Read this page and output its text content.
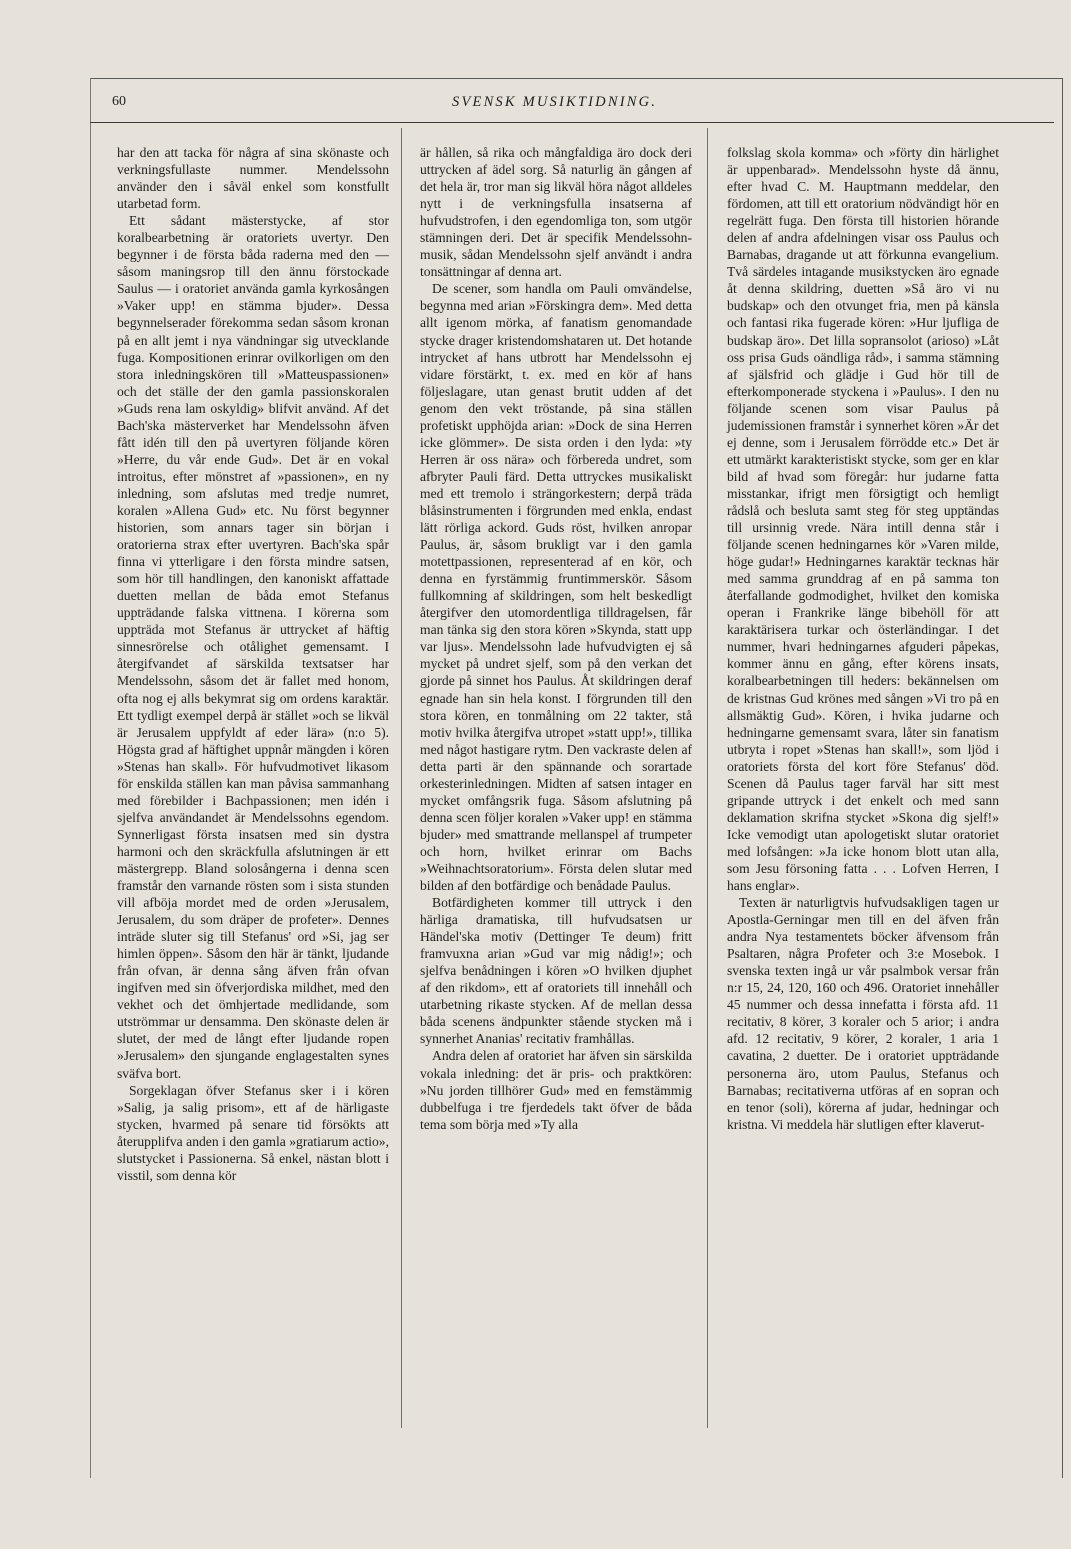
60	SVENSK MUSIKTIDNING.

har den att tacka för några af sina skönaste och verkningsfullaste nummer. Mendelssohn använder den i såväl enkel som konstfullt utarbetad form.

Ett sådant mästerstycke, af stor koralbearbetning är oratoriets uvertyr. Den begynner i de första båda raderna med den — såsom maningsrop till den ännu förstockade Saulus — i oratoriet använda gamla kyrkosången »Vaker upp! en stämma bjuder». Dessa begynnelserader förekomma sedan såsom kronan på en allt jemt i nya vändningar sig utvecklande fuga. Kompositionen erinrar ovilkorligen om den stora inledningskören till »Matteuspassionen» och det ställe der den gamla passionskoralen »Guds rena lam oskyldig» blifvit använd. Af det Bach'ska mästerverket har Mendelssohn äfven fått idén till den på uvertyren följande kören »Herre, du vår ende Gud». Det är en vokal introitus, efter mönstret af »passionen», en ny inledning, som afslutas med tredje numret, koralen »Allena Gud» etc. Nu först begynner historien, som annars tager sin början i oratorierna strax efter uvertyren. Bach'ska spår finna vi ytterligare i den första mindre satsen, som hör till handlingen, den kanoniskt affattade duetten mellan de båda emot Stefanus uppträdande falska vittnena. I körerna som uppträda mot Stefanus är uttrycket af häftig sinnesrörelse och otålighet gemensamt. I återgifvandet af särskilda textsatser har Mendelssohn, såsom det är fallet med honom, ofta nog ej alls bekymrat sig om ordens karaktär. Ett tydligt exempel derpå är stället »och se likväl är Jerusalem uppfyldt af eder lära» (n:o 5). Högsta grad af häftighet uppnår mängden i kören »Stenas han skall». För hufvudmotivet likasom för enskilda ställen kan man påvisa sammanhang med förebilder i Bachpassionen; men idén i sjelfva användandet är Mendelssohns egendom. Synnerligast första insatsen med sin dystra harmoni och den skräckfulla afslutningen är ett mästergrepp. Bland solosångerna i denna scen framstår den varnande rösten som i sista stunden vill afböja mordet med de orden »Jerusalem, Jerusalem, du som dräper de profeter». Dennes inträde sluter sig till Stefanus' ord »Si, jag ser himlen öppen». Såsom den här är tänkt, ljudande från ofvan, är denna sång äfven från ofvan ingifven med sin öfverjordiska mildhet, med den vekhet och det ömhjertade medlidande, som utströmmar ur densamma. Den skönaste delen är slutet, der med de långt efter ljudande ropen »Jerusalem» den sjungande englagestalten synes sväfva bort.

Sorgeklagan öfver Stefanus sker i i kören »Salig, ja salig prisom», ett af de härligaste stycken, hvarmed på senare tid försökts att återupplifva anden i den gamla »gratiarum actio», slutstycket i Passionerna. Så enkel, nästan blott i visstil, som denna kör

är hållen, så rika och mångfaldiga äro dock deri uttrycken af ädel sorg. Så naturlig än gången af det hela är, tror man sig likväl höra något alldeles nytt i de verkningsfulla insatserna af hufvudstrofen, i den egendomliga ton, som utgör stämningen deri. Det är specifik Mendelssohn-musik, sådan Mendelssohn sjelf användt i andra tonsättningar af denna art.

De scener, som handla om Pauli omvändelse, begynna med arian »Förskingra dem». Med detta allt igenom mörka, af fanatism genomandade stycke drager kristendomshataren ut. Det hotande intrycket af hans utbrott har Mendelssohn ej vidare förstärkt, t. ex. med en kör af hans följeslagare, utan genast brutit udden af det genom den vekt tröstande, på sina ställen profetiskt upphöjda arian: »Dock de sina Herren icke glömmer». De sista orden i den lyda: »ty Herren är oss nära» och förbereda undret, som afbryter Pauli färd. Detta uttryckes musikaliskt med ett tremolo i strängorkestern; derpå träda blåsinstrumenten i förgrunden med enkla, endast lätt rörliga ackord. Guds röst, hvilken anropar Paulus, är, såsom brukligt var i den gamla motettpassionen, representerad af en kör, och denna en fyrstämmig fruntimmerskör. Såsom fullkomning af skildringen, som helt beskedligt återgifver den utomordentliga tilldragelsen, får man tänka sig den stora kören »Skynda, statt upp var ljus». Mendelssohn lade hufvudvigten ej så mycket på undret sjelf, som på den verkan det gjorde på sinnet hos Paulus. Åt skildringen deraf egnade han sin hela konst. I förgrunden till den stora kören, en tonmålning om 22 takter, stå motiv hvilka återgifva utropet »statt upp!», tillika med något hastigare rytm. Den vackraste delen af detta parti är den spännande och sorartade orkesterinledningen. Midten af satsen intager en mycket omfångsrik fuga. Såsom afslutning på denna scen följer koralen »Vaker upp! en stämma bjuder» med smattrande mellanspel af trumpeter och horn, hvilket erinrar om Bachs »Weihnachtsoratorium». Första delen slutar med bilden af den botfärdige och benådade Paulus.

Botfärdigheten kommer till uttryck i den härliga dramatiska, till hufvudsatsen ur Händel'ska motiv (Dettinger Te deum) fritt framvuxna arian »Gud var mig nådig!»; och sjelfva benådningen i kören »O hvilken djuphet af den rikdom», ett af oratoriets till innehåll och utarbetning rikaste stycken. Af de mellan dessa båda scenens ändpunkter stående stycken må i synnerhet Ananias' recitativ framhållas.

Andra delen af oratoriet har äfven sin särskilda vokala inledning: det är pris- och praktkören: »Nu jorden tillhörer Gud» med en femstämmig dubbelfuga i tre fjerdedels takt öfver de båda tema som börja med »Ty alla

folkslag skola komma» och »förty din härlighet är uppenbarad». Mendelssohn hyste då ännu, efter hvad C. M. Hauptmann meddelar, den fördomen, att till ett oratorium nödvändigt hör en regelrätt fuga. Den första till historien hörande delen af andra afdelningen visar oss Paulus och Barnabas, dragande ut att förkunna evangelium. Två särdeles intagande musikstycken äro egnade åt denna skildring, duetten »Så äro vi nu budskap» och den otvunget fria, men på känsla och fantasi rika fugerade kören: »Hur ljufliga de budskap äro». Det lilla sopransolot (arioso) »Låt oss prisa Guds oändliga råd», i samma stämning af själsfrid och glädje i Gud hör till de efterkomponerade styckena i »Paulus». I den nu följande scenen som visar Paulus på judemissionen framstår i synnerhet kören »Är det ej denne, som i Jerusalem förrödde etc.» Det är ett utmärkt karakteristiskt stycke, som ger en klar bild af hvad som föregår: hur judarne fatta misstankar, ifrigt men försigtigt och hemligt rådslå och besluta samt steg för steg upptändas till ursinnig vrede. Nära intill denna står i följande scenen hedningarnes kör »Varen milde, höge gudar!» Hedningarnes karaktär tecknas här med samma grunddrag af en på samma ton återfallande godmodighet, hvilket den komiska operan i Frankrike länge bibehöll för att karaktärisera turkar och österländingar. I det nummer, hvari hedningarnes afguderi påpekas, kommer ännu en gång, efter körens insats, koralbearbetningen till heders: bekännelsen om de kristnas Gud krönes med sången »Vi tro på en allsmäktig Gud». Kören, i hvika judarne och hedningarne gemensamt svara, låter sin fanatism utbryta i ropet »Stenas han skall!», som ljöd i oratoriets första del kort före Stefanus' död. Scenen då Paulus tager farväl har sitt mest gripande uttryck i det enkelt och med sann deklamation skrifna stycket »Skona dig sjelf!» Icke vemodigt utan apologetiskt slutar oratoriet med lofsången: »Ja icke honom blott utan alla, som Jesu försoning fatta . . . Lofven Herren, I hans englar».

Texten är naturligtvis hufvudsakligen tagen ur Apostla-Gerningar men till en del äfven från andra Nya testamentets böcker äfvensom från Psaltaren, några Profeter och 3:e Mosebok. I svenska texten ingå ur vår psalmbok versar från n:r 15, 24, 120, 160 och 496. Oratoriet innehåller 45 nummer och dessa innefatta i första afd. 11 recitativ, 8 körer, 3 koraler och 5 arior; i andra afd. 12 recitativ, 9 körer, 2 koraler, 1 aria 1 cavatina, 2 duetter. De i oratoriet uppträdande personerna äro, utom Paulus, Stefanus och Barnabas; recitativerna utföras af en sopran och en tenor (soli), körerna af judar, hedningar och kristna. Vi meddela här slutligen efter klaverut-
